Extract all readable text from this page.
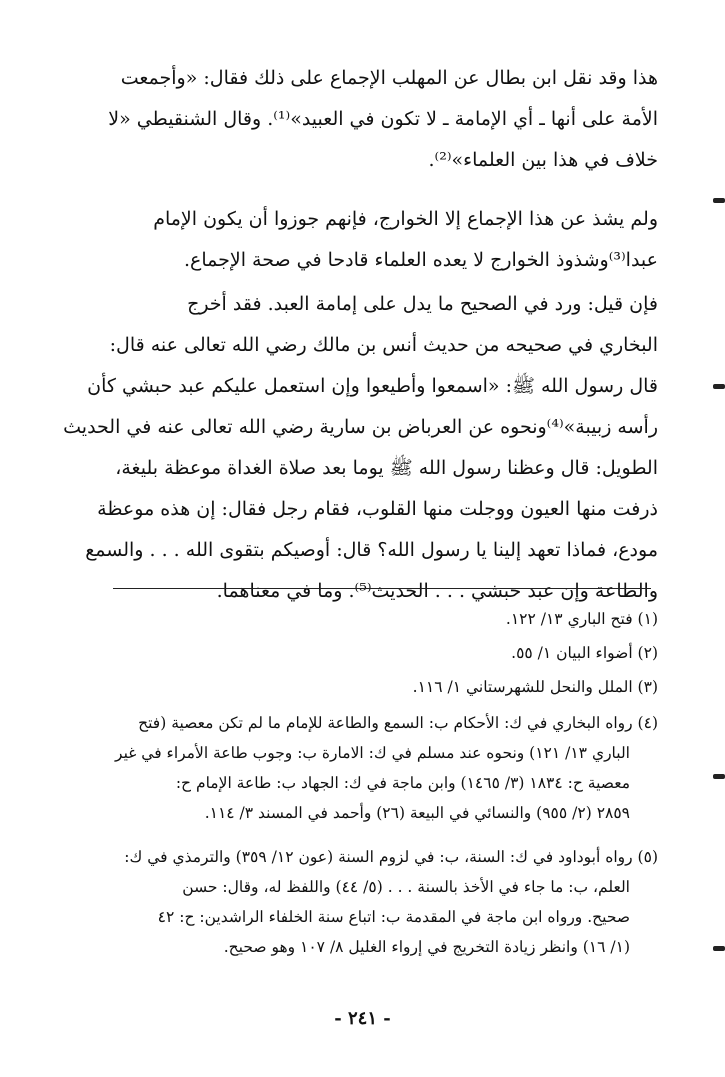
هذا وقد نقل ابن بطال عن المهلب الإجماع على ذلك فقال: «وأجمعت
الأمة على أنها ـ أي الإمامة ـ لا تكون في العبيد»⁽¹⁾. وقال الشنقيطي «لا
خلاف في هذا بين العلماء»⁽²⁾.
ولم يشذ عن هذا الإجماع إلا الخوارج، فإنهم جوزوا أن يكون الإمام
عبدا⁽³⁾وشذوذ الخوارج لا يعده العلماء قادحا في صحة الإجماع.
فإن قيل: ورد في الصحيح ما يدل على إمامة العبد. فقد أخرج
البخاري في صحيحه من حديث أنس بن مالك رضي الله تعالى عنه قال:
قال رسول الله ﷺ: «اسمعوا وأطيعوا وإن استعمل عليكم عبد حبشي كأن
رأسه زبيبة»⁽⁴⁾ونحوه عن العرباض بن سارية رضي الله تعالى عنه في الحديث
الطويل: قال وعظنا رسول الله ﷺ يوما بعد صلاة الغداة موعظة بليغة،
ذرفت منها العيون ووجلت منها القلوب، فقام رجل فقال: إن هذه موعظة
مودع، فماذا تعهد إلينا يا رسول الله؟ قال: أوصيكم بتقوى الله . . . والسمع
والطاعة وإن عبد حبشي . . . الحديث⁽⁵⁾. وما في معناهما.
(١) فتح الباري ١٣/ ١٢٢.
(٢) أضواء البيان ١/ ٥٥.
(٣) الملل والنحل للشهرستاني ١/ ١١٦.
(٤) رواه البخاري في ك: الأحكام ب: السمع والطاعة للإمام ما لم تكن معصية (فتح
الباري ١٣/ ١٢١) ونحوه عند مسلم في ك: الامارة ب: وجوب طاعة الأمراء في غير
معصية ح: ١٨٣٤ (٣/ ١٤٦٥) وابن ماجة في ك: الجهاد ب: طاعة الإمام ح:
٢٨٥٩ (٢/ ٩٥٥) والنسائي في البيعة (٢٦) وأحمد في المسند ٣/ ١١٤.
(٥) رواه أبوداود في ك: السنة، ب: في لزوم السنة (عون ١٢/ ٣٥٩) والترمذي في ك:
العلم، ب: ما جاء في الأخذ بالسنة . . . (٥/ ٤٤) واللفظ له، وقال: حسن
صحيح. ورواه ابن ماجة في المقدمة ب: اتباع سنة الخلفاء الراشدين: ح: ٤٢
(١/ ١٦) وانظر زيادة التخريج في إرواء الغليل ٨/ ١٠٧ وهو صحيح.
- ٢٤١ -
